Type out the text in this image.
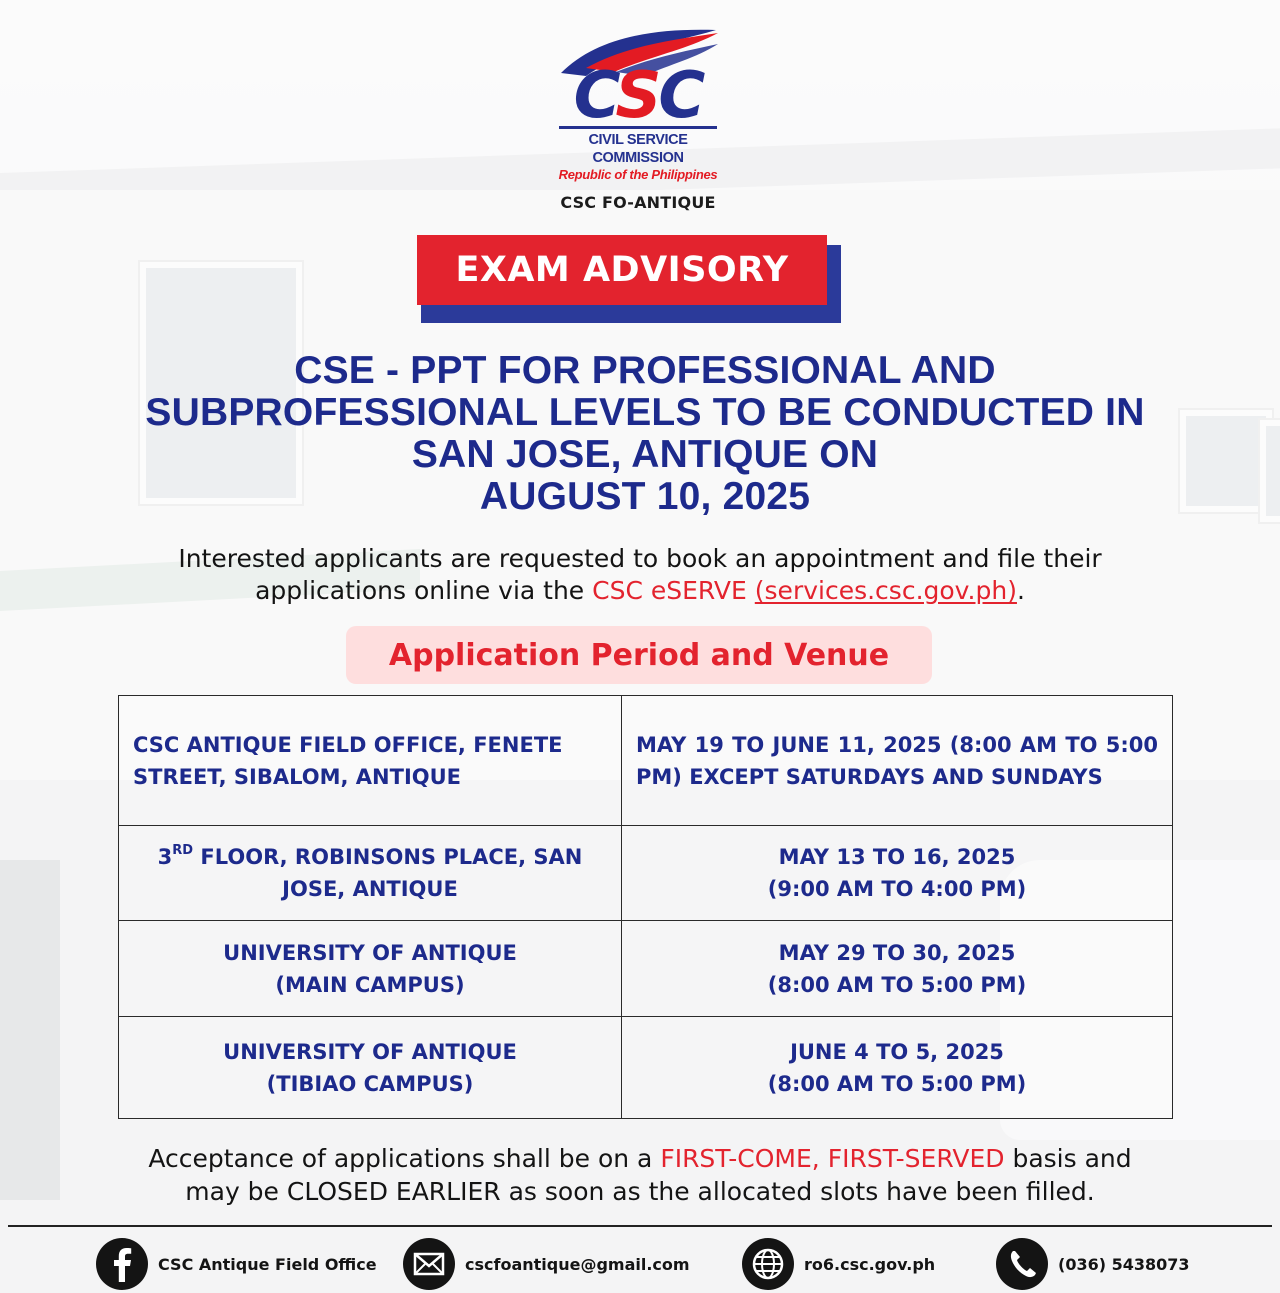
CSC
CIVIL SERVICE COMMISSION
Republic of the Philippines
CSC FO-ANTIQUE
EXAM ADVISORY
CSE - PPT FOR PROFESSIONAL AND
SUBPROFESSIONAL LEVELS TO BE CONDUCTED IN
SAN JOSE, ANTIQUE ON
AUGUST 10, 2025

Interested applicants are requested to book an appointment and file their
applications online via the CSC eSERVE (services.csc.gov.ph).

Application Period and Venue
CSC ANTIQUE FIELD OFFICE, FENETE STREET, SIBALOM, ANTIQUE	MAY 19 TO JUNE 11, 2025 (8:00 AM TO 5:00 PM) EXCEPT SATURDAYS AND SUNDAYS
3RD FLOOR, ROBINSONS PLACE, SAN JOSE, ANTIQUE	MAY 13 TO 16, 2025
(9:00 AM TO 4:00 PM)
UNIVERSITY OF ANTIQUE
(MAIN CAMPUS)	MAY 29 TO 30, 2025
(8:00 AM TO 5:00 PM)
UNIVERSITY OF ANTIQUE
(TIBIAO CAMPUS)	JUNE 4 TO 5, 2025
(8:00 AM TO 5:00 PM)

Acceptance of applications shall be on a FIRST-COME, FIRST-SERVED basis and
may be CLOSED EARLIER as soon as the allocated slots have been filled.

CSC Antique Field Office	cscfoantique@gmail.com	ro6.csc.gov.ph	(036) 5438073
